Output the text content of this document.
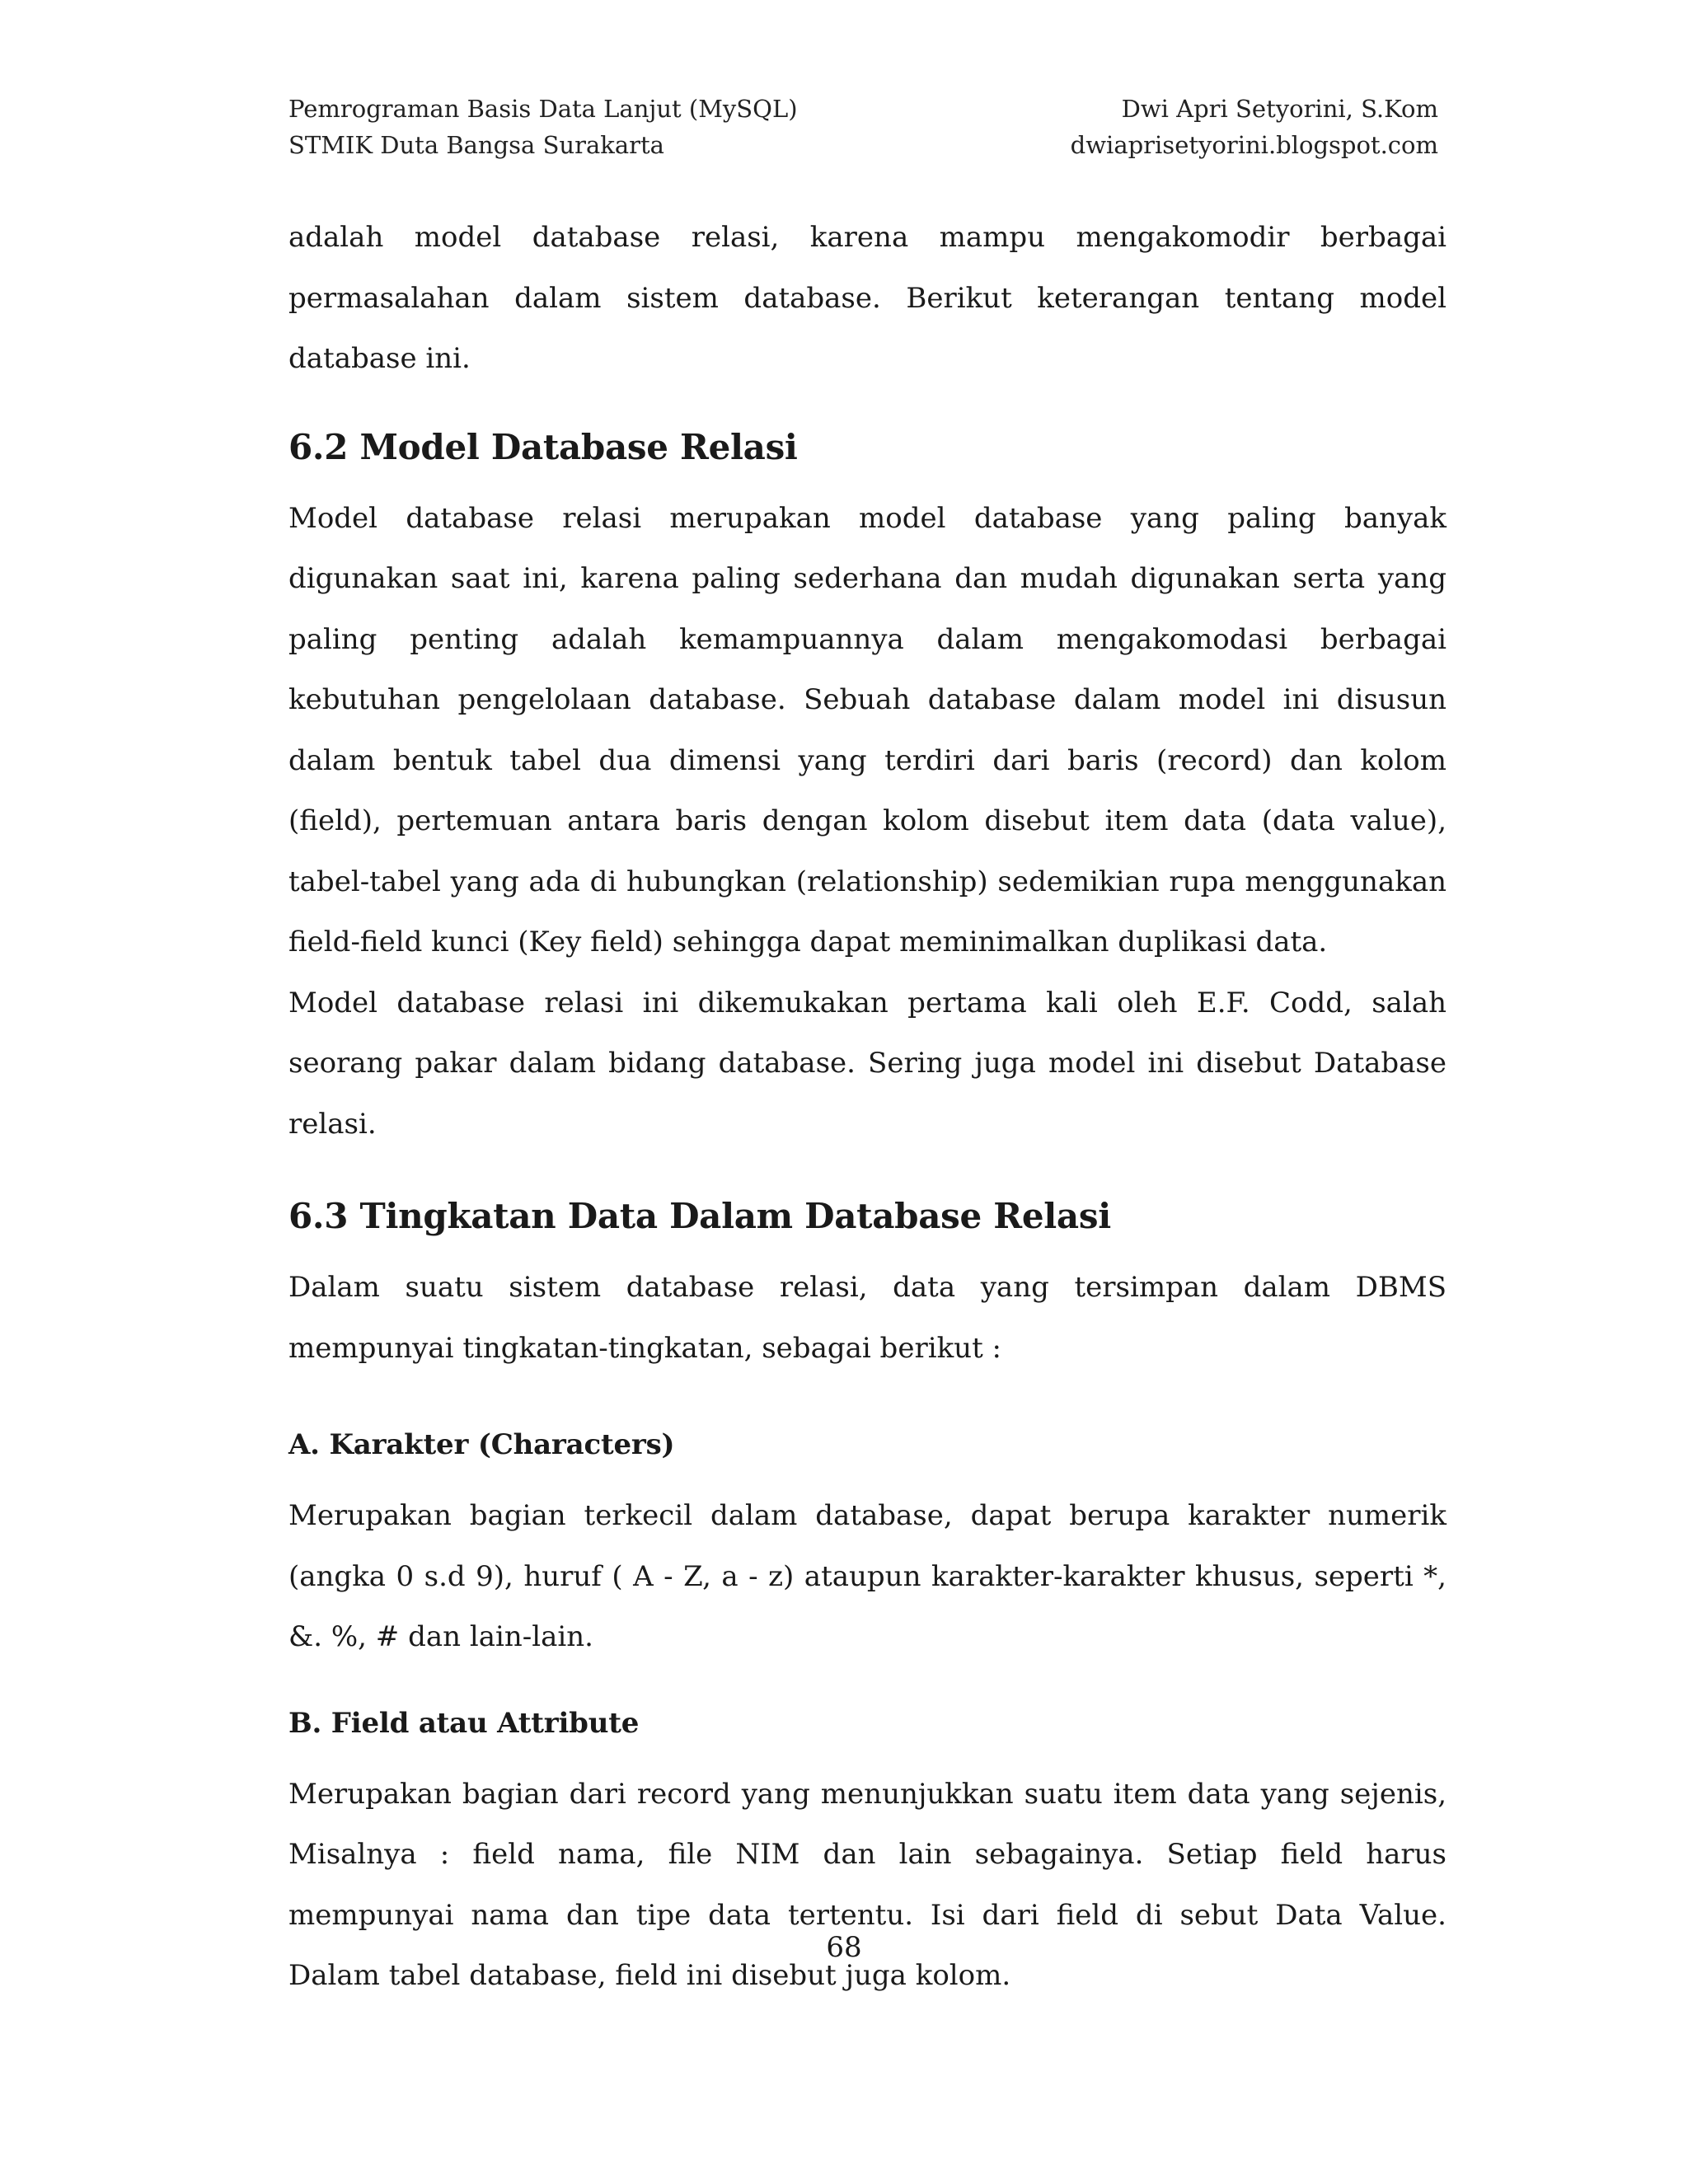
Pemrograman Basis Data Lanjut (MySQL)	Dwi Apri Setyorini, S.Kom
STMIK Duta Bangsa Surakarta	dwiaprisetyorini.blogspot.com

adalah model database relasi, karena mampu mengakomodir berbagai permasalahan dalam sistem database. Berikut keterangan tentang model database ini.

6.2 Model Database Relasi

Model database relasi merupakan model database yang paling banyak digunakan saat ini, karena paling sederhana dan mudah digunakan serta yang paling penting adalah kemampuannya dalam mengakomodasi berbagai kebutuhan pengelolaan database. Sebuah database dalam model ini disusun dalam bentuk tabel dua dimensi yang terdiri dari baris (record) dan kolom (field), pertemuan antara baris dengan kolom disebut item data (data value), tabel-tabel yang ada di hubungkan (relationship) sedemikian rupa menggunakan field-field kunci (Key field) sehingga dapat meminimalkan duplikasi data.

Model database relasi ini dikemukakan pertama kali oleh E.F. Codd, salah seorang pakar dalam bidang database. Sering juga model ini disebut Database relasi.

6.3 Tingkatan Data Dalam Database Relasi

Dalam suatu sistem database relasi, data yang tersimpan dalam DBMS mempunyai tingkatan-tingkatan, sebagai berikut :

A. Karakter (Characters)

Merupakan bagian terkecil dalam database, dapat berupa karakter numerik (angka 0 s.d 9), huruf ( A - Z, a - z) ataupun karakter-karakter khusus, seperti *, &. %, # dan lain-lain.

B. Field atau Attribute

Merupakan bagian dari record yang menunjukkan suatu item data yang sejenis, Misalnya : field nama, file NIM dan lain sebagainya. Setiap field harus mempunyai nama dan tipe data tertentu. Isi dari field di sebut Data Value. Dalam tabel database, field ini disebut juga kolom.

68
